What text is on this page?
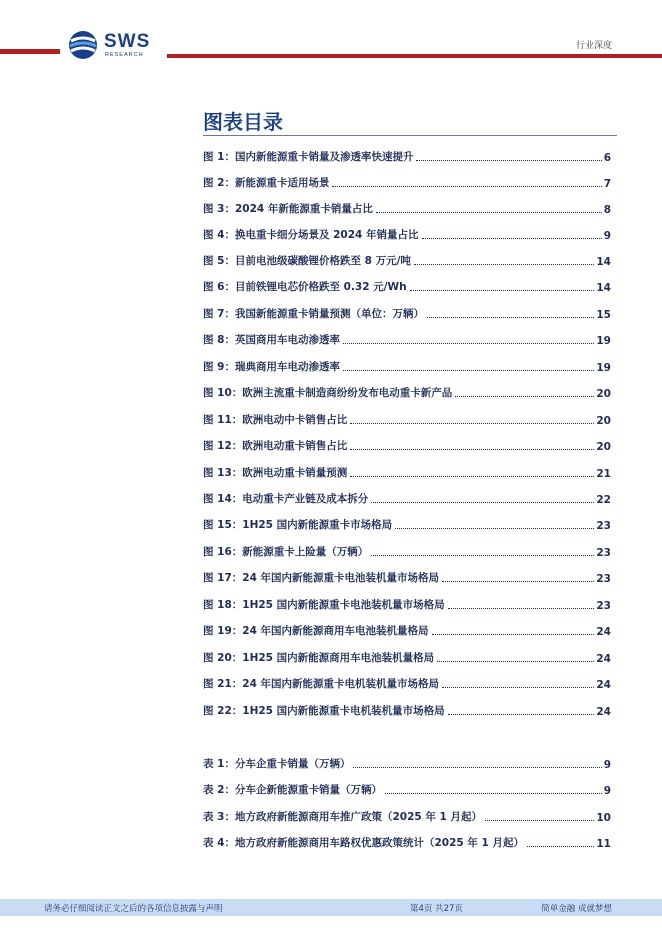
SWS
RESEARCH
行业深度
图表目录
图 1：国内新能源重卡销量及渗透率快速提升	6
图 2：新能源重卡适用场景	7
图 3：2024 年新能源重卡销量占比	8
图 4：换电重卡细分场景及 2024 年销量占比	9
图 5：目前电池级碳酸锂价格跌至 8 万元/吨	14
图 6：目前铁锂电芯价格跌至 0.32 元/Wh	14
图 7：我国新能源重卡销量预测（单位：万辆）	15
图 8：英国商用车电动渗透率	19
图 9：瑞典商用车电动渗透率	19
图 10：欧洲主流重卡制造商纷纷发布电动重卡新产品	20
图 11：欧洲电动中卡销售占比	20
图 12：欧洲电动重卡销售占比	20
图 13：欧洲电动重卡销量预测	21
图 14：电动重卡产业链及成本拆分	22
图 15：1H25 国内新能源重卡市场格局	23
图 16：新能源重卡上险量（万辆）	23
图 17：24 年国内新能源重卡电池装机量市场格局	23
图 18：1H25 国内新能源重卡电池装机量市场格局	23
图 19：24 年国内新能源商用车电池装机量格局	24
图 20：1H25 国内新能源商用车电池装机量格局	24
图 21：24 年国内新能源重卡电机装机量市场格局	24
图 22：1H25 国内新能源重卡电机装机量市场格局	24
表 1：分车企重卡销量（万辆）	9
表 2：分车企新能源重卡销量（万辆）	9
表 3：地方政府新能源商用车推广政策（2025 年 1 月起）	10
表 4：地方政府新能源商用车路权优惠政策统计（2025 年 1 月起）	11
请务必仔细阅读正文之后的各项信息披露与声明	第4页 共27页	简单金融 成就梦想
